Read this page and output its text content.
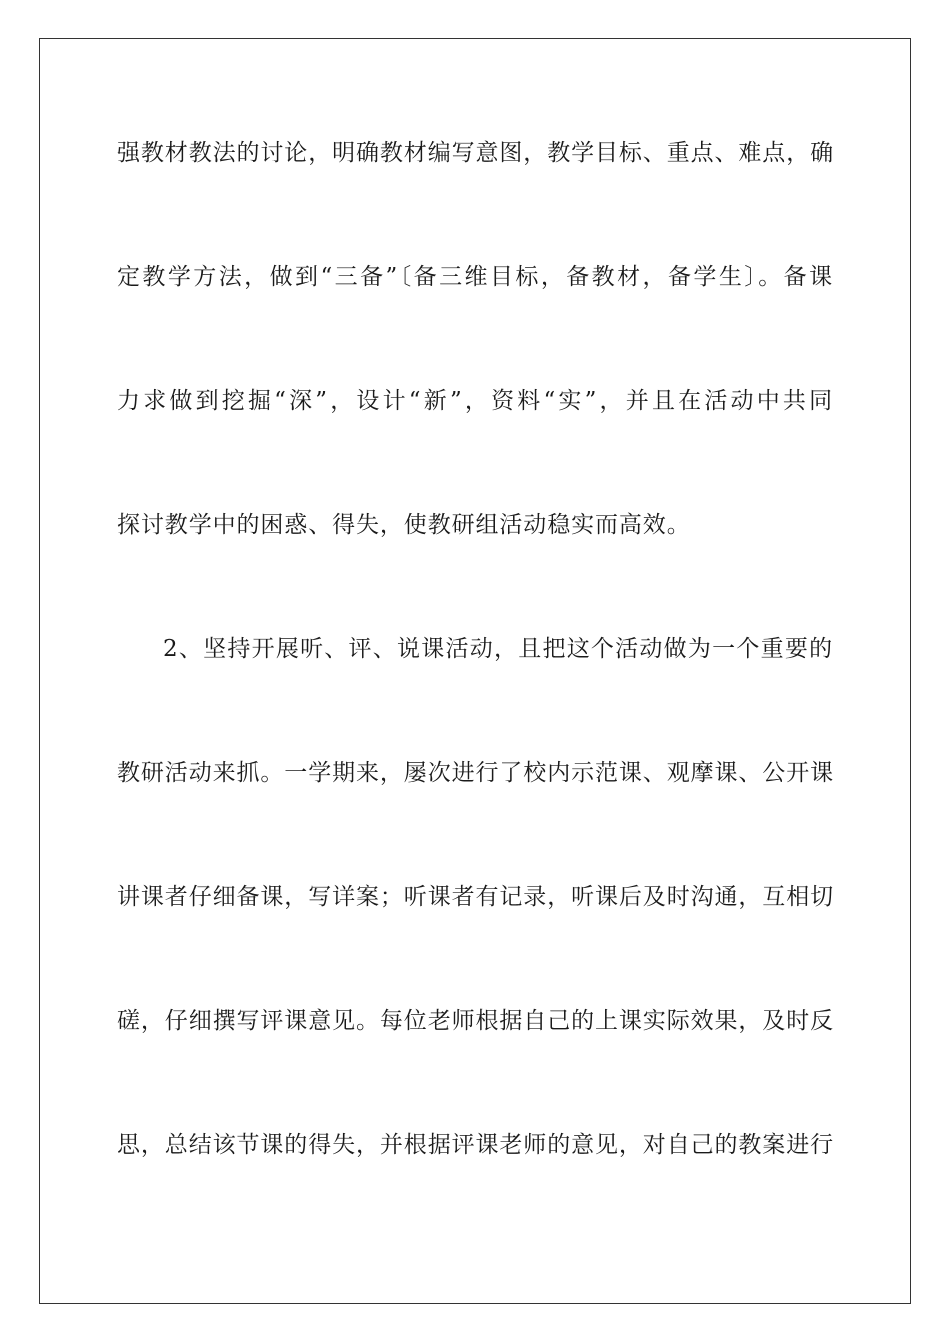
强教材教法的讨论，明确教材编写意图，教学目标、重点、难点，确
定教学方法，做到“三备”〔备三维目标，备教材，备学生〕。备课
力求做到挖掘“深”，设计“新”，资料“实”，并且在活动中共同
探讨教学中的困惑、得失，使教研组活动稳实而高效。
2、坚持开展听、评、说课活动，且把这个活动做为一个重要的
教研活动来抓。一学期来，屡次进行了校内示范课、观摩课、公开课
讲课者仔细备课，写详案；听课者有记录，听课后及时沟通，互相切
磋，仔细撰写评课意见。每位老师根据自己的上课实际效果，及时反
思，总结该节课的得失，并根据评课老师的意见，对自己的教案进行
